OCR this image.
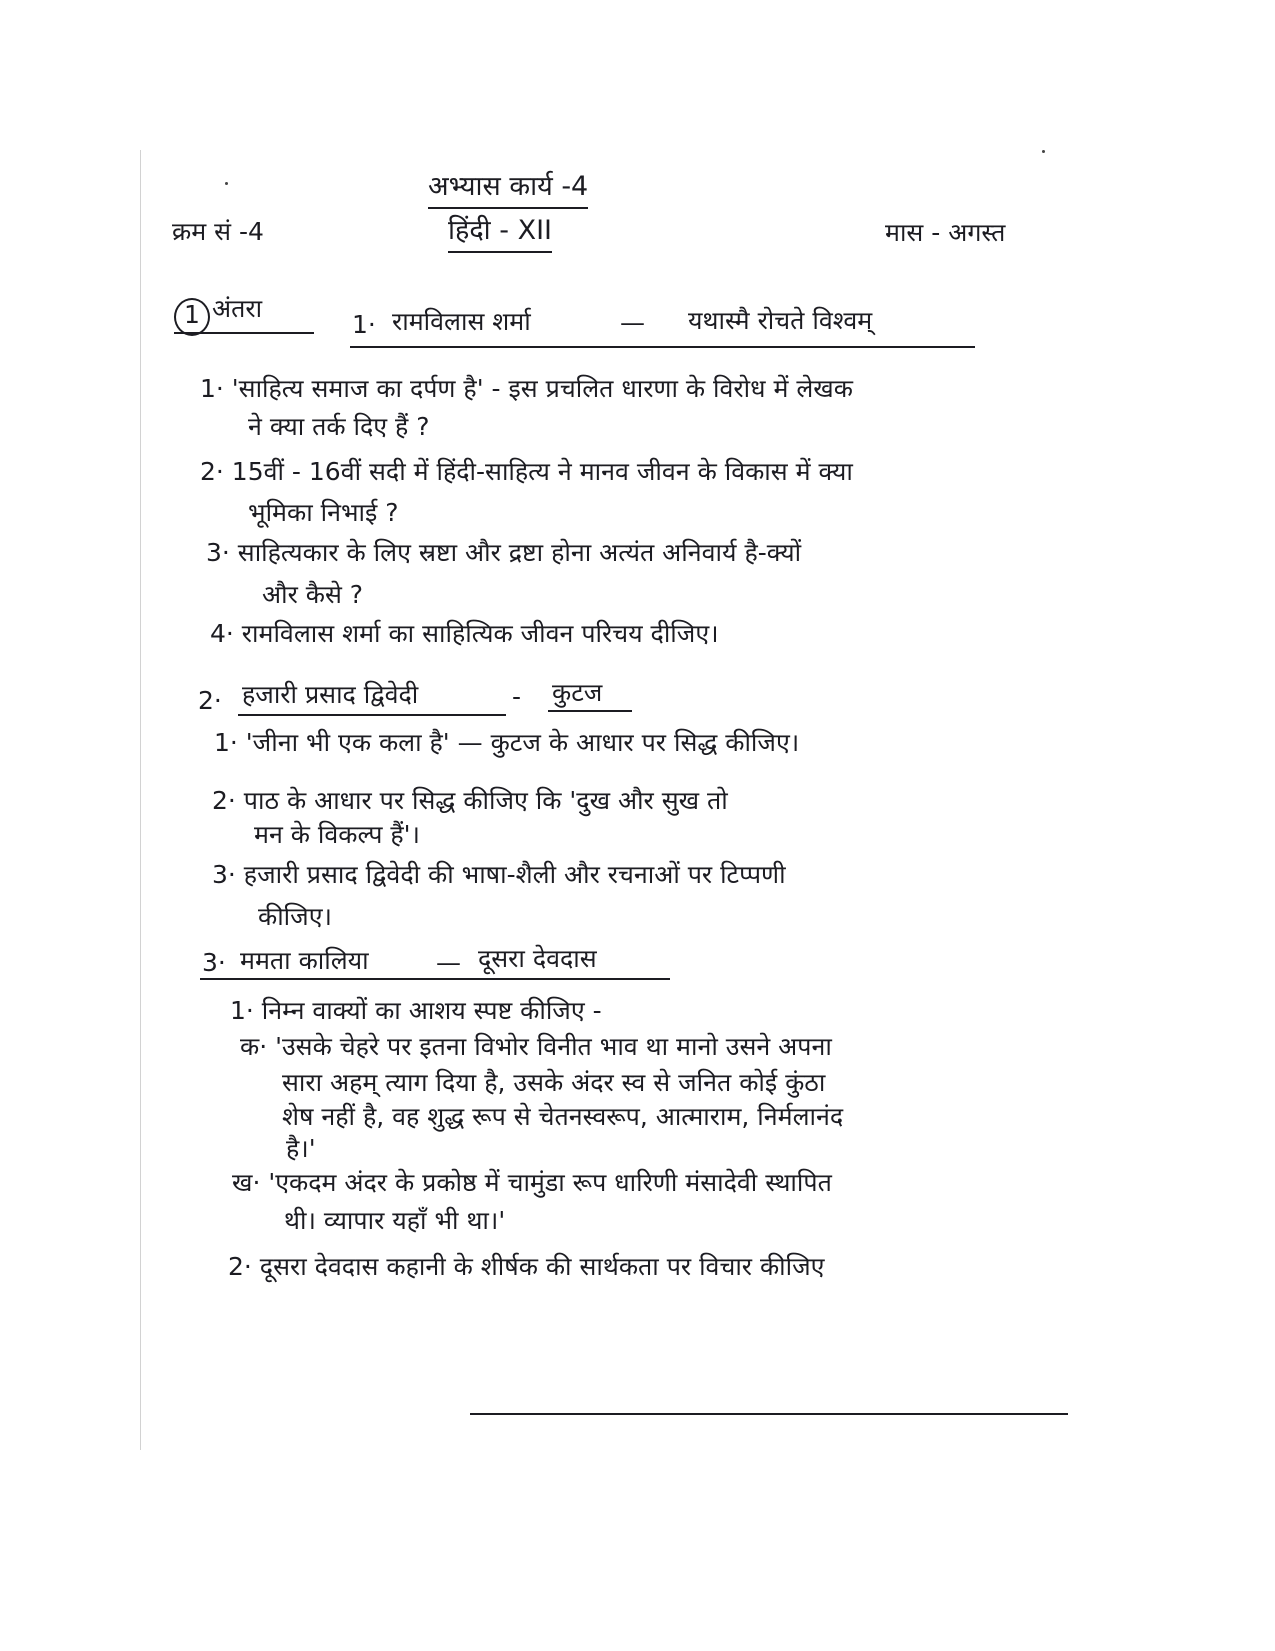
अभ्यास कार्य -4
क्रम सं -4	हिंदी - XII	मास - अगस्त
1 अंतरा
1· रामविलास शर्मा	— यथास्मै रोचते विश्वम्
1· 'साहित्य समाज का दर्पण है' - इस प्रचलित धारणा के विरोध में लेखक
ने क्या तर्क दिए हैं ?
2· 15वीं - 16वीं सदी में हिंदी-साहित्य ने मानव जीवन के विकास में क्या
भूमिका निभाई ?
3· साहित्यकार के लिए स्रष्टा और द्रष्टा होना अत्यंत अनिवार्य है-क्यों
और कैसे ?
4· रामविलास शर्मा का साहित्यिक जीवन परिचय दीजिए।
2· हजारी प्रसाद द्विवेदी	- कुटज
1· 'जीना भी एक कला है' — कुटज के आधार पर सिद्ध कीजिए।
2· पाठ के आधार पर सिद्ध कीजिए कि 'दुख और सुख तो
मन के विकल्प हैं'।
3· हजारी प्रसाद द्विवेदी की भाषा-शैली और रचनाओं पर टिप्पणी
कीजिए।
3· ममता कालिया	— दूसरा देवदास
1· निम्न वाक्यों का आशय स्पष्ट कीजिए -
क· 'उसके चेहरे पर इतना विभोर विनीत भाव था मानो उसने अपना
सारा अहम् त्याग दिया है, उसके अंदर स्व से जनित कोई कुंठा
शेष नहीं है, वह शुद्ध रूप से चेतनस्वरूप, आत्माराम, निर्मलानंद
है।'
ख· 'एकदम अंदर के प्रकोष्ठ में चामुंडा रूप धारिणी मंसादेवी स्थापित
थी। व्यापार यहाँ भी था।'
2· दूसरा देवदास कहानी के शीर्षक की सार्थकता पर विचार कीजिए
